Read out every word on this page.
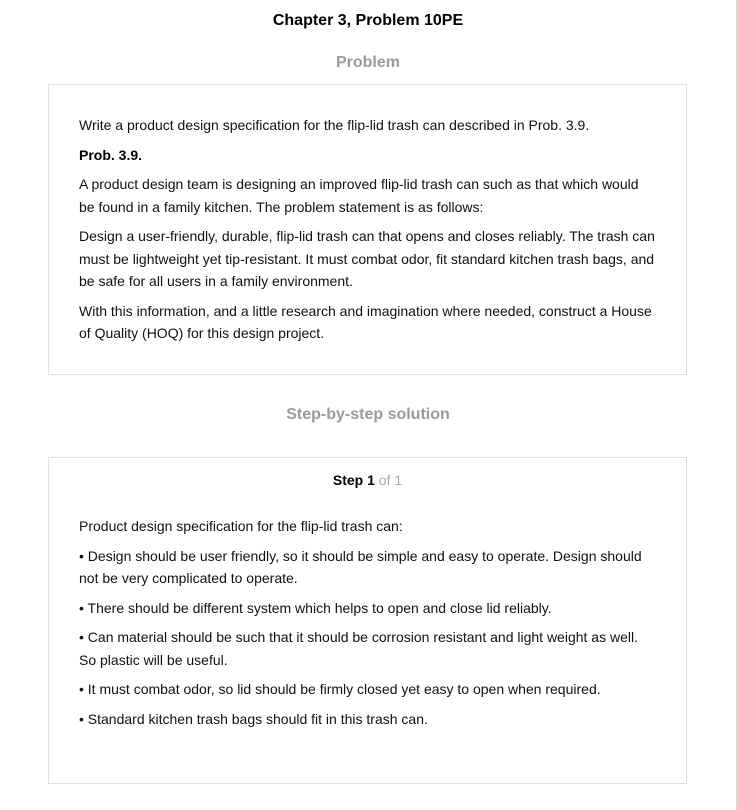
Chapter 3, Problem 10PE
Problem

Write a product design specification for the flip-lid trash can described in Prob. 3.9.

Prob. 3.9.

A product design team is designing an improved flip-lid trash can such as that which would be found in a family kitchen. The problem statement is as follows:

Design a user-friendly, durable, flip-lid trash can that opens and closes reliably. The trash can must be lightweight yet tip-resistant. It must combat odor, fit standard kitchen trash bags, and be safe for all users in a family environment.

With this information, and a little research and imagination where needed, construct a House of Quality (HOQ) for this design project.

Step-by-step solution
Step 1 of 1

Product design specification for the flip-lid trash can:

• Design should be user friendly, so it should be simple and easy to operate. Design should not be very complicated to operate.

• There should be different system which helps to open and close lid reliably.

• Can material should be such that it should be corrosion resistant and light weight as well. So plastic will be useful.

• It must combat odor, so lid should be firmly closed yet easy to open when required.

• Standard kitchen trash bags should fit in this trash can.
